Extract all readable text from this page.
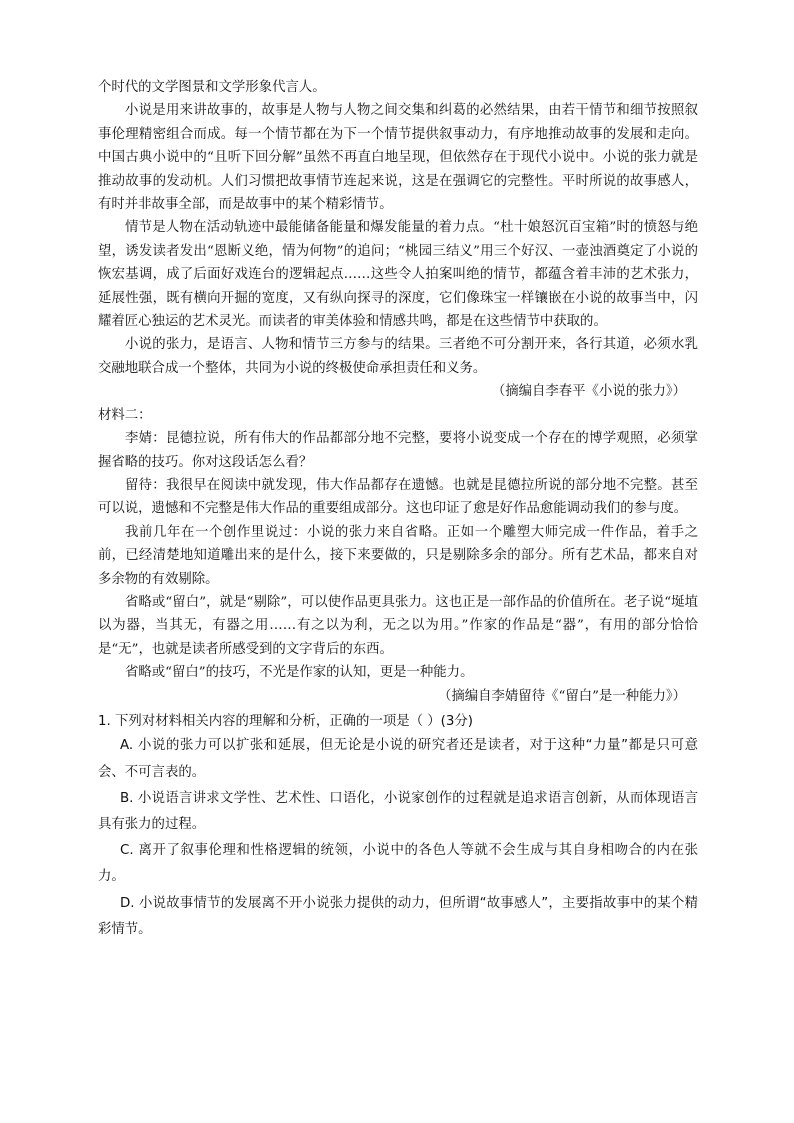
个时代的文学图景和文学形象代言人。

小说是用来讲故事的，故事是人物与人物之间交集和纠葛的必然结果，由若干情节和细节按照叙事伦理精密组合而成。每一个情节都在为下一个情节提供叙事动力，有序地推动故事的发展和走向。中国古典小说中的“且听下回分解”虽然不再直白地呈现，但依然存在于现代小说中。小说的张力就是推动故事的发动机。人们习惯把故事情节连起来说，这是在强调它的完整性。平时所说的故事感人，有时并非故事全部，而是故事中的某个精彩情节。

情节是人物在活动轨迹中最能储备能量和爆发能量的着力点。“杜十娘怒沉百宝箱”时的愤怒与绝望，诱发读者发出“恩断义绝，情为何物”的追问；“桃园三结义”用三个好汉、一壶浊酒奠定了小说的恢宏基调，成了后面好戏连台的逻辑起点……这些令人拍案叫绝的情节，都蕴含着丰沛的艺术张力，延展性强，既有横向开掘的宽度，又有纵向探寻的深度，它们像珠宝一样镶嵌在小说的故事当中，闪耀着匠心独运的艺术灵光。而读者的审美体验和情感共鸣，都是在这些情节中获取的。

小说的张力，是语言、人物和情节三方参与的结果。三者绝不可分割开来，各行其道，必须水乳交融地联合成一个整体，共同为小说的终极使命承担责任和义务。

（摘编自李春平《小说的张力》）

材料二：

李婧：昆德拉说，所有伟大的作品都部分地不完整，要将小说变成一个存在的博学观照，必须掌握省略的技巧。你对这段话怎么看？

留待：我很早在阅读中就发现，伟大作品都存在遗憾。也就是昆德拉所说的部分地不完整。甚至可以说，遗憾和不完整是伟大作品的重要组成部分。这也印证了愈是好作品愈能调动我们的参与度。

我前几年在一个创作里说过：小说的张力来自省略。正如一个雕塑大师完成一件作品，着手之前，已经清楚地知道雕出来的是什么，接下来要做的，只是剔除多余的部分。所有艺术品，都来自对多余物的有效剔除。

省略或“留白”，就是“剔除”，可以使作品更具张力。这也正是一部作品的价值所在。老子说“埏埴以为器，当其无，有器之用……有之以为利，无之以为用。”作家的作品是“器”，有用的部分恰恰是“无”，也就是读者所感受到的文字背后的东西。

省略或“留白”的技巧，不光是作家的认知，更是一种能力。

（摘编自李婧留待《“留白”是一种能力》）

1. 下列对材料相关内容的理解和分析，正确的一项是（ ）(3分)

A. 小说的张力可以扩张和延展，但无论是小说的研究者还是读者，对于这种“力量”都是只可意会、不可言表的。

B. 小说语言讲求文学性、艺术性、口语化，小说家创作的过程就是追求语言创新，从而体现语言具有张力的过程。

C. 离开了叙事伦理和性格逻辑的统领，小说中的各色人等就不会生成与其自身相吻合的内在张力。

D. 小说故事情节的发展离不开小说张力提供的动力，但所谓“故事感人”，主要指故事中的某个精彩情节。
